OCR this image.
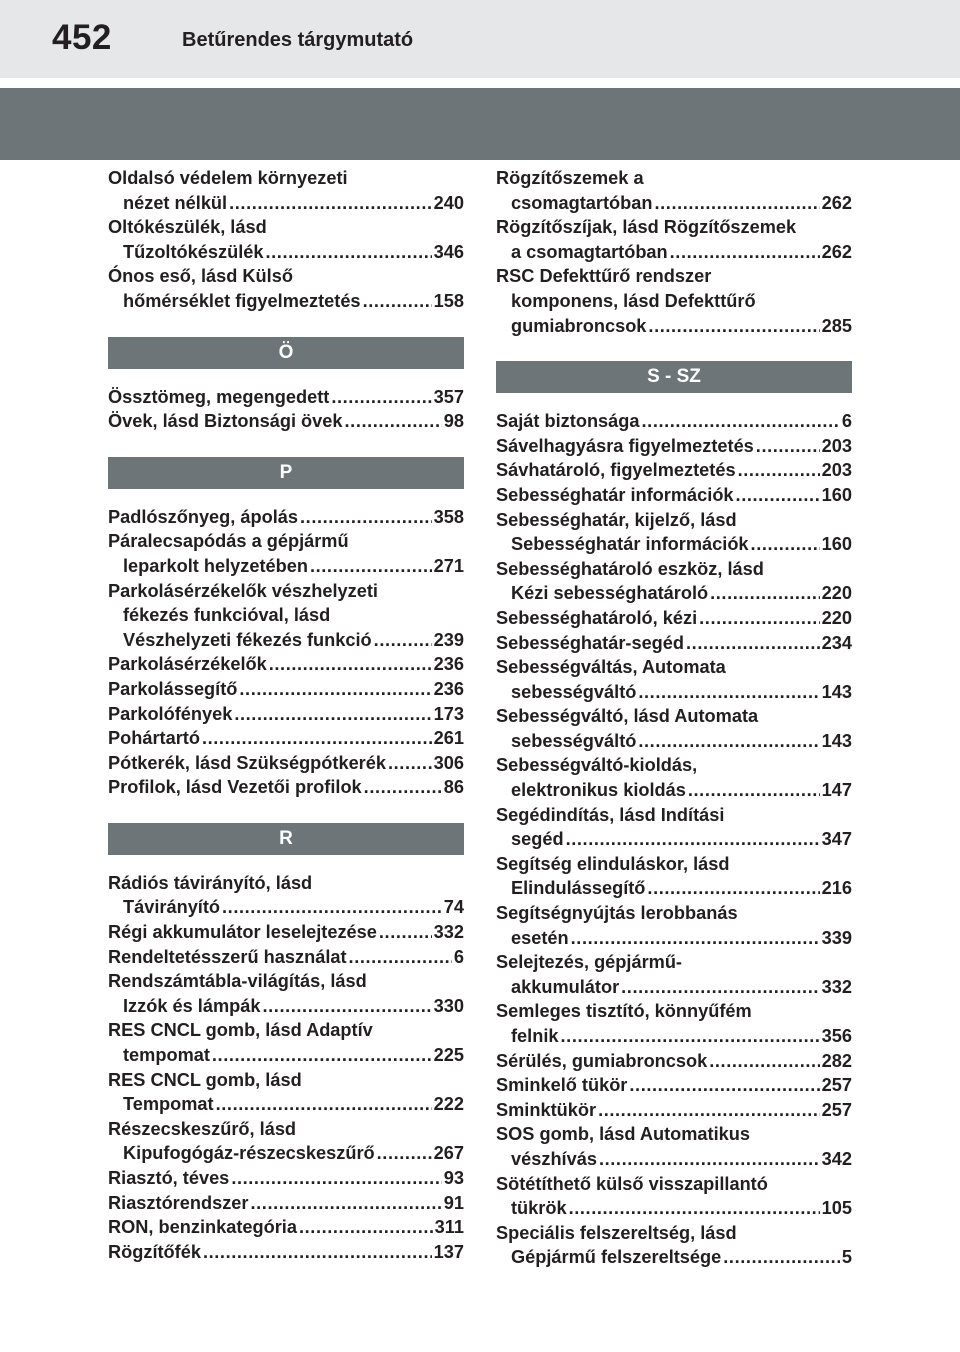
452	Betűrendes tárgymutató
Oldalsó védelem környezeti
nézet nélkül .....	240
Oltókészülék, lásd
Tűzoltókészülék .....	346
Ónos eső, lásd Külső
hőmérséklet figyelmeztetés .....	158
Ö
Össztömeg, megengedett .....	357
Övek, lásd Biztonsági övek .....	98
P
Padlószőnyeg, ápolás .....	358
Páralecsapódás a gépjármű
leparkolt helyzetében .....	271
Parkolásérzékelők vészhelyzeti
fékezés funkcióval, lásd
Vészhelyzeti fékezés funkció .....	239
Parkolásérzékelők .....	236
Parkolássegítő .....	236
Parkolófények .....	173
Pohártartó .....	261
Pótkerék, lásd Szükségpótkerék .....	306
Profilok, lásd Vezetői profilok .....	86
R
Rádiós távirányító, lásd
Távirányító .....	74
Régi akkumulátor leselejtezése .....	332
Rendeltetésszerű használat .....	6
Rendszámtábla-világítás, lásd
Izzók és lámpák .....	330
RES CNCL gomb, lásd Adaptív
tempomat .....	225
RES CNCL gomb, lásd
Tempomat .....	222
Részecskeszűrő, lásd
Kipufogógáz-részecskeszűrő .....	267
Riasztó, téves .....	93
Riasztórendszer .....	91
RON, benzinkategória .....	311
Rögzítőfék .....	137
Rögzítőszemek a
csomagtartóban .....	262
Rögzítőszíjak, lásd Rögzítőszemek
a csomagtartóban .....	262
RSC Defekttűrő rendszer
komponens, lásd Defekttűrő
gumiabroncsok .....	285
S - SZ
Saját biztonsága .....	6
Sávelhagyásra figyelmeztetés .....	203
Sávhatároló, figyelmeztetés .....	203
Sebességhatár információk .....	160
Sebességhatár, kijelző, lásd
Sebességhatár információk .....	160
Sebességhatároló eszköz, lásd
Kézi sebességhatároló .....	220
Sebességhatároló, kézi .....	220
Sebességhatár-segéd .....	234
Sebességváltás, Automata
sebességváltó .....	143
Sebességváltó, lásd Automata
sebességváltó .....	143
Sebességváltó-kioldás,
elektronikus kioldás .....	147
Segédindítás, lásd Indítási
segéd .....	347
Segítség elinduláskor, lásd
Elindulássegítő .....	216
Segítségnyújtás lerobbanás
esetén .....	339
Selejtezés, gépjármű-
akkumulátor .....	332
Semleges tisztító, könnyűfém
felnik .....	356
Sérülés, gumiabroncsok .....	282
Sminkelő tükör .....	257
Sminktükör .....	257
SOS gomb, lásd Automatikus
vészhívás .....	342
Sötétíthető külső visszapillantó
tükrök .....	105
Speciális felszereltség, lásd
Gépjármű felszereltsége .....	5
